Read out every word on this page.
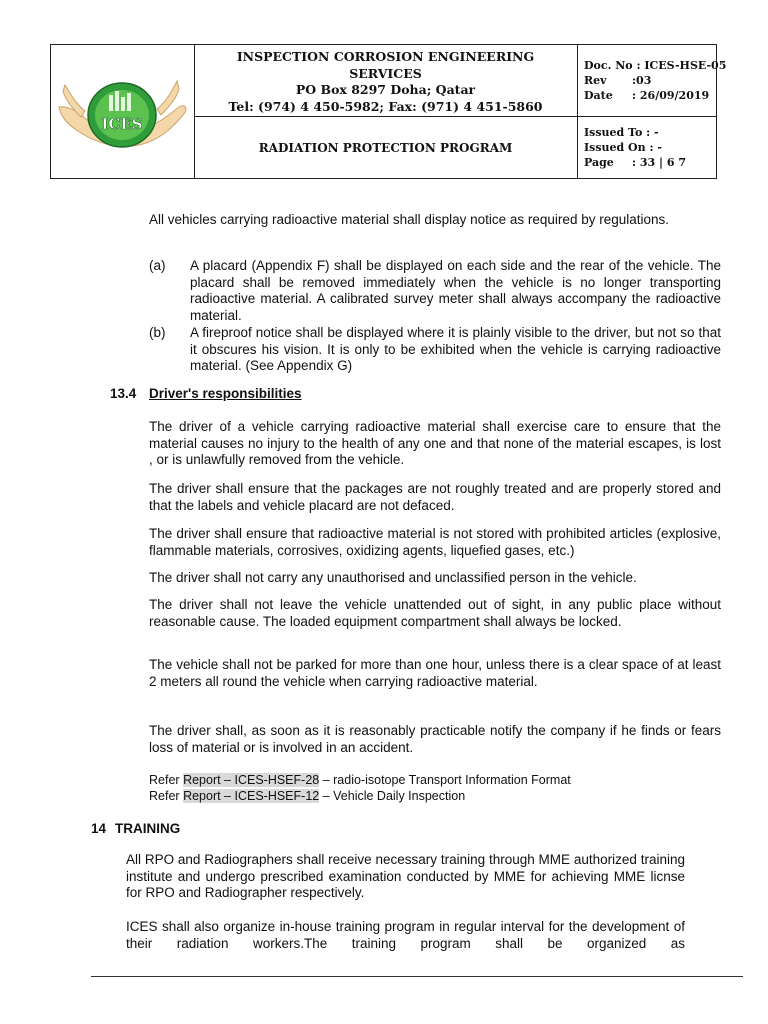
ICES
INSPECTION CORROSION ENGINEERING
SERVICES
PO Box 8297 Doha; Qatar
Tel: (974) 4 450-5982; Fax: (971) 4 451-5860
Doc. No : ICES-HSE-05
Rev :03
Date : 26/09/2019
RADIATION PROTECTION PROGRAM
Issued To : -
Issued On : -
Page : 33 | 6 7
All vehicles carrying radioactive material shall display notice as required by regulations.
(a) A placard (Appendix F) shall be displayed on each side and the rear of the vehicle. The placard shall be removed immediately when the vehicle is no longer transporting radioactive material. A calibrated survey meter shall always accompany the radioactive material.
(b) A fireproof notice shall be displayed where it is plainly visible to the driver, but not so that it obscures his vision. It is only to be exhibited when the vehicle is carrying radioactive material. (See Appendix G)
13.4 Driver's responsibilities
The driver of a vehicle carrying radioactive material shall exercise care to ensure that the material causes no injury to the health of any one and that none of the material escapes, is lost , or is unlawfully removed from the vehicle.
The driver shall ensure that the packages are not roughly treated and are properly stored and that the labels and vehicle placard are not defaced.
The driver shall ensure that radioactive material is not stored with prohibited articles (explosive, flammable materials, corrosives, oxidizing agents, liquefied gases, etc.)
The driver shall not carry any unauthorised and unclassified person in the vehicle.
The driver shall not leave the vehicle unattended out of sight, in any public place without reasonable cause. The loaded equipment compartment shall always be locked.
The vehicle shall not be parked for more than one hour, unless there is a clear space of at least 2 meters all round the vehicle when carrying radioactive material.
The driver shall, as soon as it is reasonably practicable notify the company if he finds or fears loss of material or is involved in an accident.
Refer Report – ICES-HSEF-28 – radio-isotope Transport Information Format
Refer Report – ICES-HSEF-12 – Vehicle Daily Inspection
14 TRAINING
All RPO and Radiographers shall receive necessary training through MME authorized training institute and undergo prescribed examination conducted by MME for achieving MME licnse for RPO and Radiographer respectively.
ICES shall also organize in-house training program in regular interval for the development of their radiation workers.The training program shall be organized as
